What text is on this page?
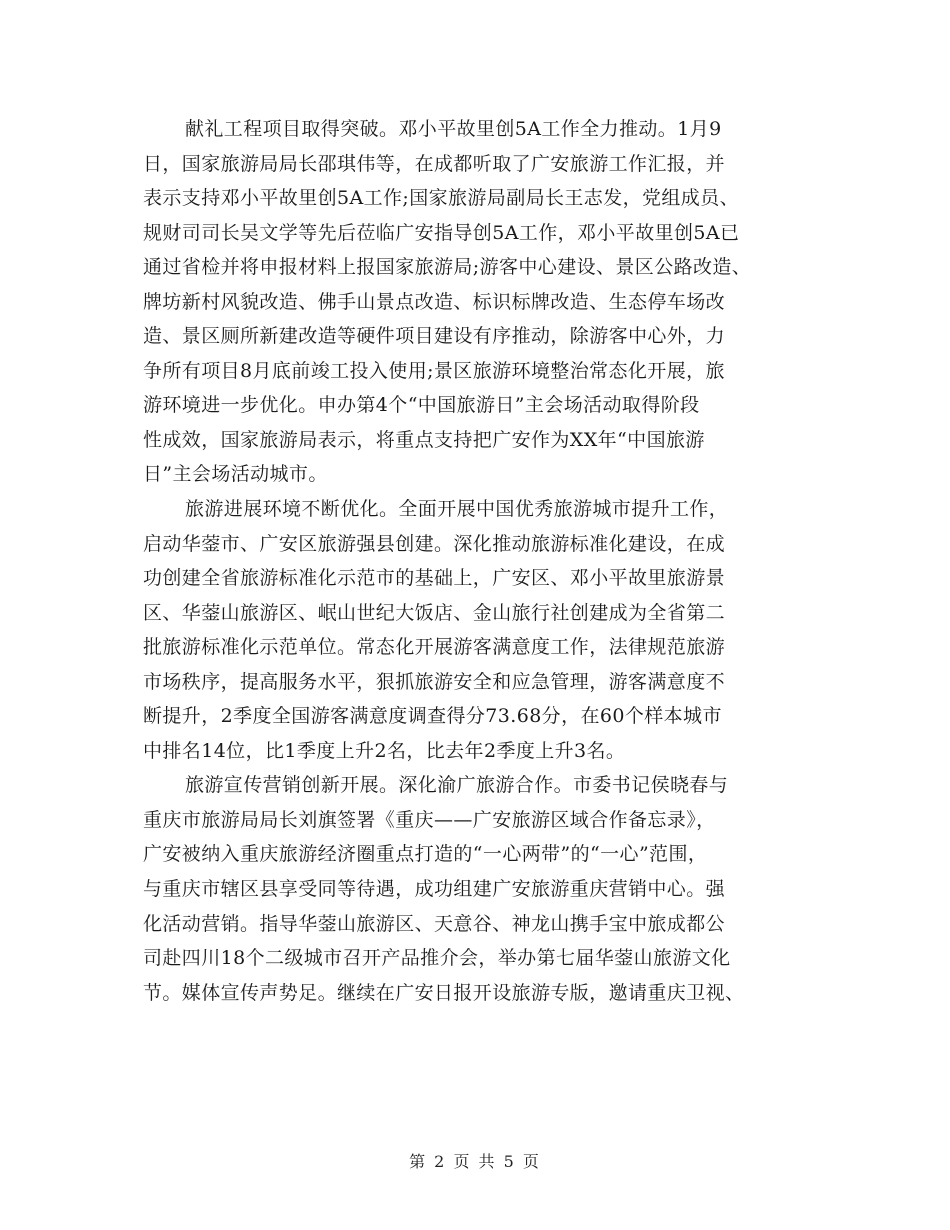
献礼工程项目取得突破。邓小平故里创5A工作全力推动。1月9
日，国家旅游局局长邵琪伟等，在成都听取了广安旅游工作汇报，并
表示支持邓小平故里创5A工作;国家旅游局副局长王志发，党组成员、
规财司司长吴文学等先后莅临广安指导创5A工作，邓小平故里创5A已
通过省检并将申报材料上报国家旅游局;游客中心建设、景区公路改造、
牌坊新村风貌改造、佛手山景点改造、标识标牌改造、生态停车场改
造、景区厕所新建改造等硬件项目建设有序推动，除游客中心外，力
争所有项目8月底前竣工投入使用;景区旅游环境整治常态化开展，旅
游环境进一步优化。申办第4个“中国旅游日”主会场活动取得阶段
性成效，国家旅游局表示，将重点支持把广安作为XX年“中国旅游
日”主会场活动城市。
旅游进展环境不断优化。全面开展中国优秀旅游城市提升工作，
启动华蓥市、广安区旅游强县创建。深化推动旅游标准化建设，在成
功创建全省旅游标准化示范市的基础上，广安区、邓小平故里旅游景
区、华蓥山旅游区、岷山世纪大饭店、金山旅行社创建成为全省第二
批旅游标准化示范单位。常态化开展游客满意度工作，法律规范旅游
市场秩序，提高服务水平，狠抓旅游安全和应急管理，游客满意度不
断提升，2季度全国游客满意度调查得分73.68分，在60个样本城市
中排名14位，比1季度上升2名，比去年2季度上升3名。
旅游宣传营销创新开展。深化渝广旅游合作。市委书记侯晓春与
重庆市旅游局局长刘旗签署《重庆——广安旅游区域合作备忘录》，
广安被纳入重庆旅游经济圈重点打造的“一心两带”的“一心”范围，
与重庆市辖区县享受同等待遇，成功组建广安旅游重庆营销中心。强
化活动营销。指导华蓥山旅游区、天意谷、神龙山携手宝中旅成都公
司赴四川18个二级城市召开产品推介会，举办第七届华蓥山旅游文化
节。媒体宣传声势足。继续在广安日报开设旅游专版，邀请重庆卫视、
第 2 页 共 5 页
